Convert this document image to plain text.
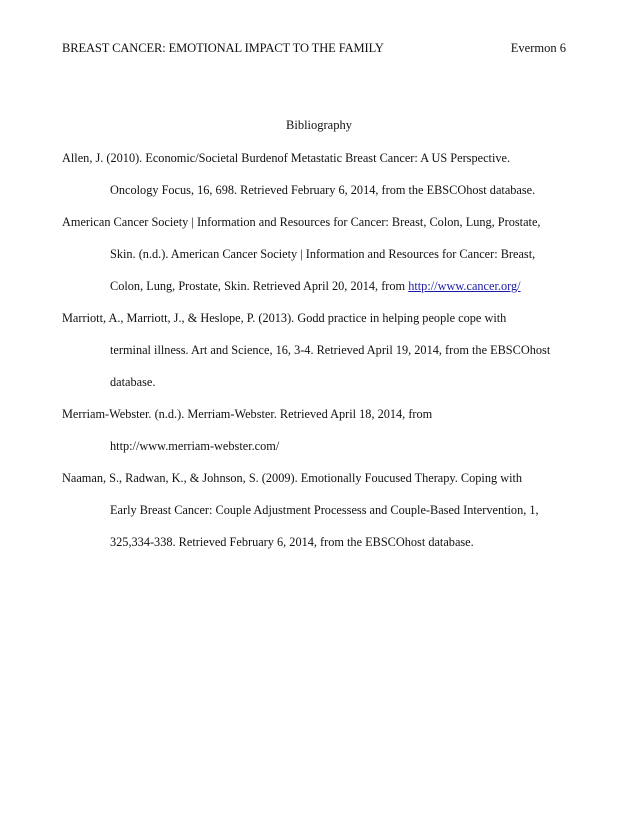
BREAST CANCER: EMOTIONAL IMPACT TO THE FAMILY	Evermon 6
Bibliography
Allen, J. (2010). Economic/Societal Burdenof Metastatic Breast Cancer: A US Perspective.
Oncology Focus, 16, 698. Retrieved February 6, 2014, from the EBSCOhost database.
American Cancer Society | Information and Resources for Cancer: Breast, Colon, Lung, Prostate,
Skin. (n.d.). American Cancer Society | Information and Resources for Cancer: Breast,
Colon, Lung, Prostate, Skin. Retrieved April 20, 2014, from http://www.cancer.org/
Marriott, A., Marriott, J., & Heslope, P. (2013). Godd practice in helping people cope with
terminal illness. Art and Science, 16, 3-4. Retrieved April 19, 2014, from the EBSCOhost
database.
Merriam-Webster. (n.d.). Merriam-Webster. Retrieved April 18, 2014, from
http://www.merriam-webster.com/
Naaman, S., Radwan, K., & Johnson, S. (2009). Emotionally Foucused Therapy. Coping with
Early Breast Cancer: Couple Adjustment Processess and Couple-Based Intervention, 1,
325,334-338. Retrieved February 6, 2014, from the EBSCOhost database.
